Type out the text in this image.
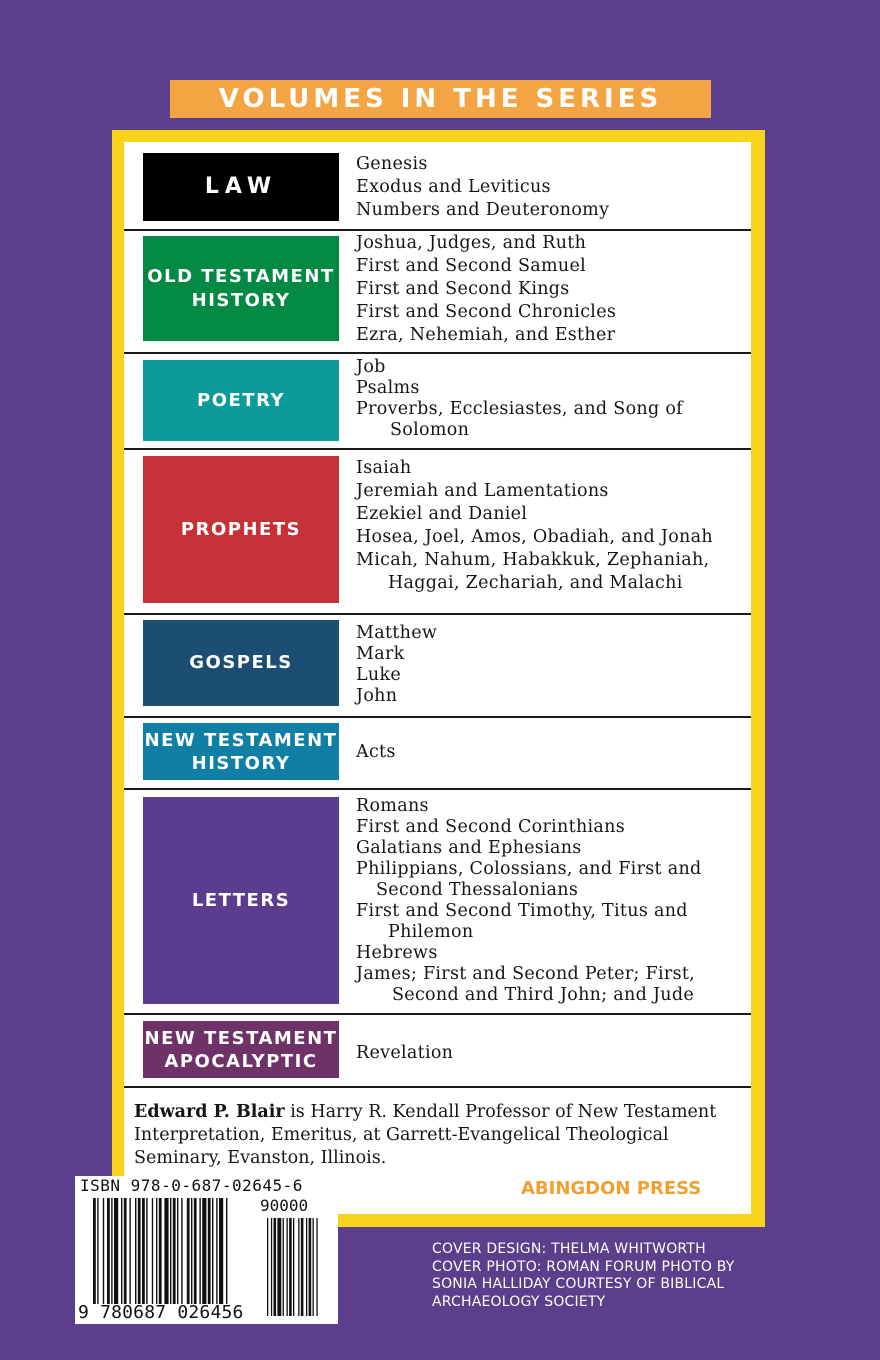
VOLUMES IN THE SERIES
LAW
Genesis
Exodus and Leviticus
Numbers and Deuteronomy
OLD TESTAMENT
HISTORY
Joshua, Judges, and Ruth
First and Second Samuel
First and Second Kings
First and Second Chronicles
Ezra, Nehemiah, and Esther
POETRY
Job
Psalms
Proverbs, Ecclesiastes, and Song of
Solomon
PROPHETS
Isaiah
Jeremiah and Lamentations
Ezekiel and Daniel
Hosea, Joel, Amos, Obadiah, and Jonah
Micah, Nahum, Habakkuk, Zephaniah,
Haggai, Zechariah, and Malachi
GOSPELS
Matthew
Mark
Luke
John
NEW TESTAMENT
HISTORY
Acts
LETTERS
Romans
First and Second Corinthians
Galatians and Ephesians
Philippians, Colossians, and First and
Second Thessalonians
First and Second Timothy, Titus and
Philemon
Hebrews
James; First and Second Peter; First,
Second and Third John; and Jude
NEW TESTAMENT
APOCALYPTIC Revelation
Edward P. Blair is Harry R. Kendall Professor of New Testament Interpretation, Emeritus, at Garrett-Evangelical Theological Seminary, Evanston, Illinois.
ABINGDON PRESS
ISBN 978-0-687-02645-6
90000
9 780687 026456
COVER DESIGN: THELMA WHITWORTH
COVER PHOTO: ROMAN FORUM PHOTO BY
SONIA HALLIDAY COURTESY OF BIBLICAL
ARCHAEOLOGY SOCIETY
